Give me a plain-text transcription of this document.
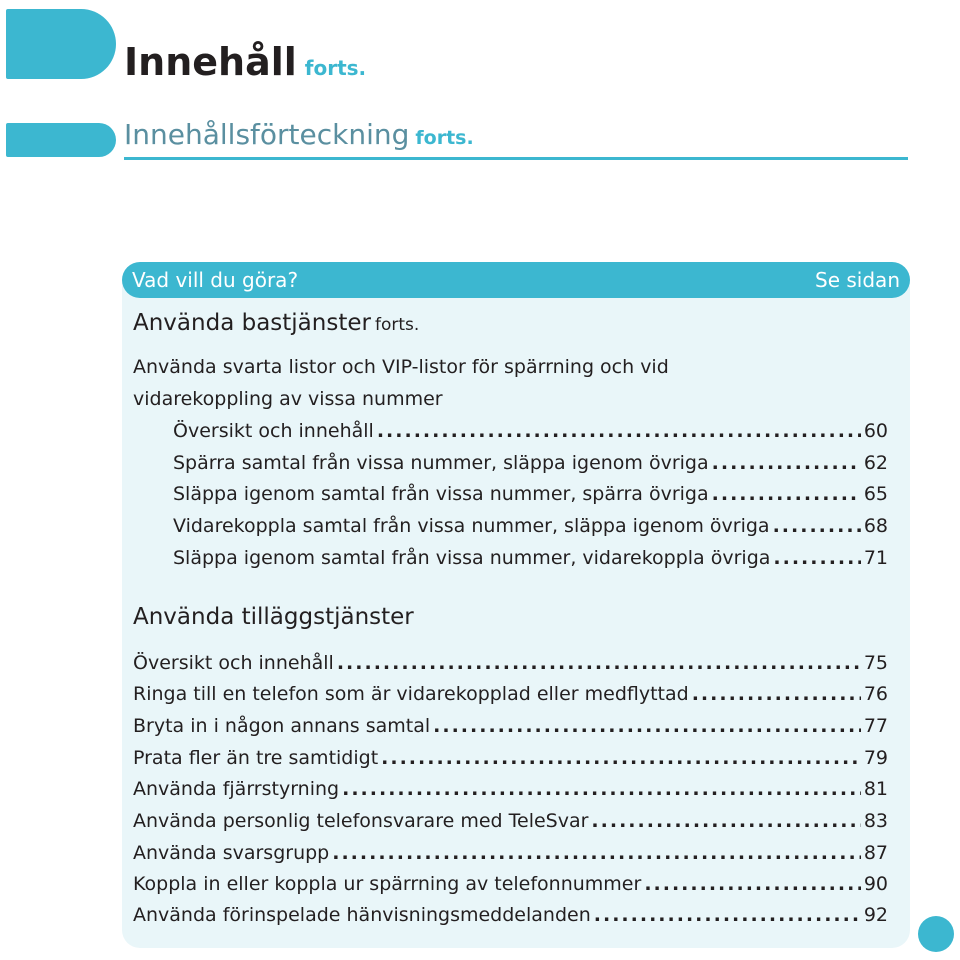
Innehåll forts.
Innehållsförteckning forts.
Vad vill du göra?	Se sidan
Använda bastjänster forts.
Använda svarta listor och VIP-listor för spärrning och vid
vidarekoppling av vissa nummer
Översikt och innehåll .....	60
Spärra samtal från vissa nummer, släppa igenom övriga .....	62
Släppa igenom samtal från vissa nummer, spärra övriga .....	65
Vidarekoppla samtal från vissa nummer, släppa igenom övriga .....	68
Släppa igenom samtal från vissa nummer, vidarekoppla övriga .....	71
Använda tilläggstjänster
Översikt och innehåll .....	75
Ringa till en telefon som är vidarekopplad eller medflyttad .....	76
Bryta in i någon annans samtal .....	77
Prata fler än tre samtidigt .....	79
Använda fjärrstyrning .....	81
Använda personlig telefonsvarare med TeleSvar .....	83
Använda svarsgrupp .....	87
Koppla in eller koppla ur spärrning av telefonnummer .....	90
Använda förinspelade hänvisningsmeddelanden .....	92
